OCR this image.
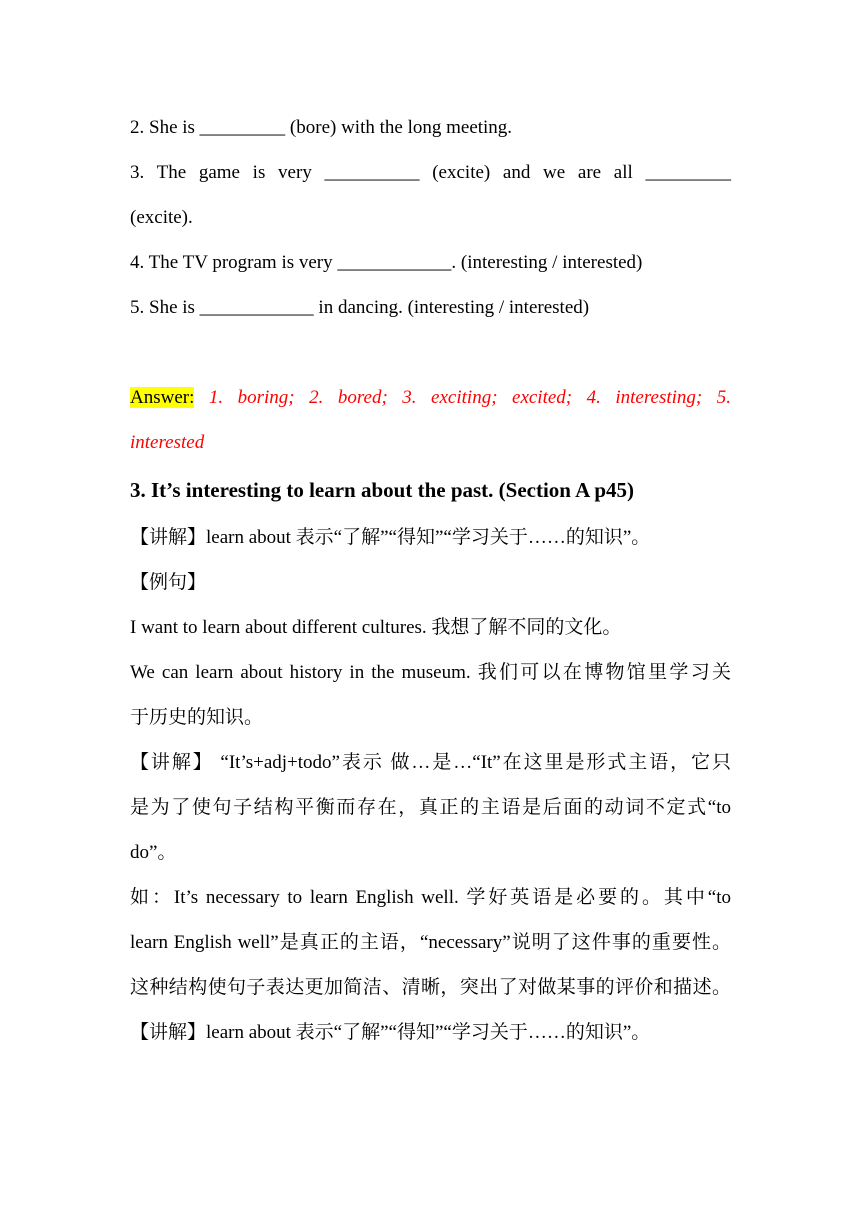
2. She is _________ (bore) with the long meeting.
3. The game is very __________ (excite) and we are all _________
(excite).
4. The TV program is very ____________. (interesting / interested)
5. She is ____________ in dancing. (interesting / interested)
Answer: 1. boring; 2. bored; 3. exciting; excited; 4. interesting; 5.
interested
3. It’s interesting to learn about the past. (Section A p45)
【讲解】learn about 表示“了解”“得知”“学习关于……的知识”。
【例句】
I want to learn about different cultures. 我想了解不同的文化。
We can learn about history in the museum. 我们可以在博物馆里学习关
于历史的知识。
【讲解】 “It’s+adj+todo”表示 做…是…“It”在这里是形式主语，它只
是为了使句子结构平衡而存在，真正的主语是后面的动词不定式“to
do”。
如：It’s necessary to learn English well. 学好英语是必要的。其中“to
learn English well”是真正的主语，“necessary”说明了这件事的重要性。
这种结构使句子表达更加简洁、清晰，突出了对做某事的评价和描述。
【讲解】learn about 表示“了解”“得知”“学习关于……的知识”。
